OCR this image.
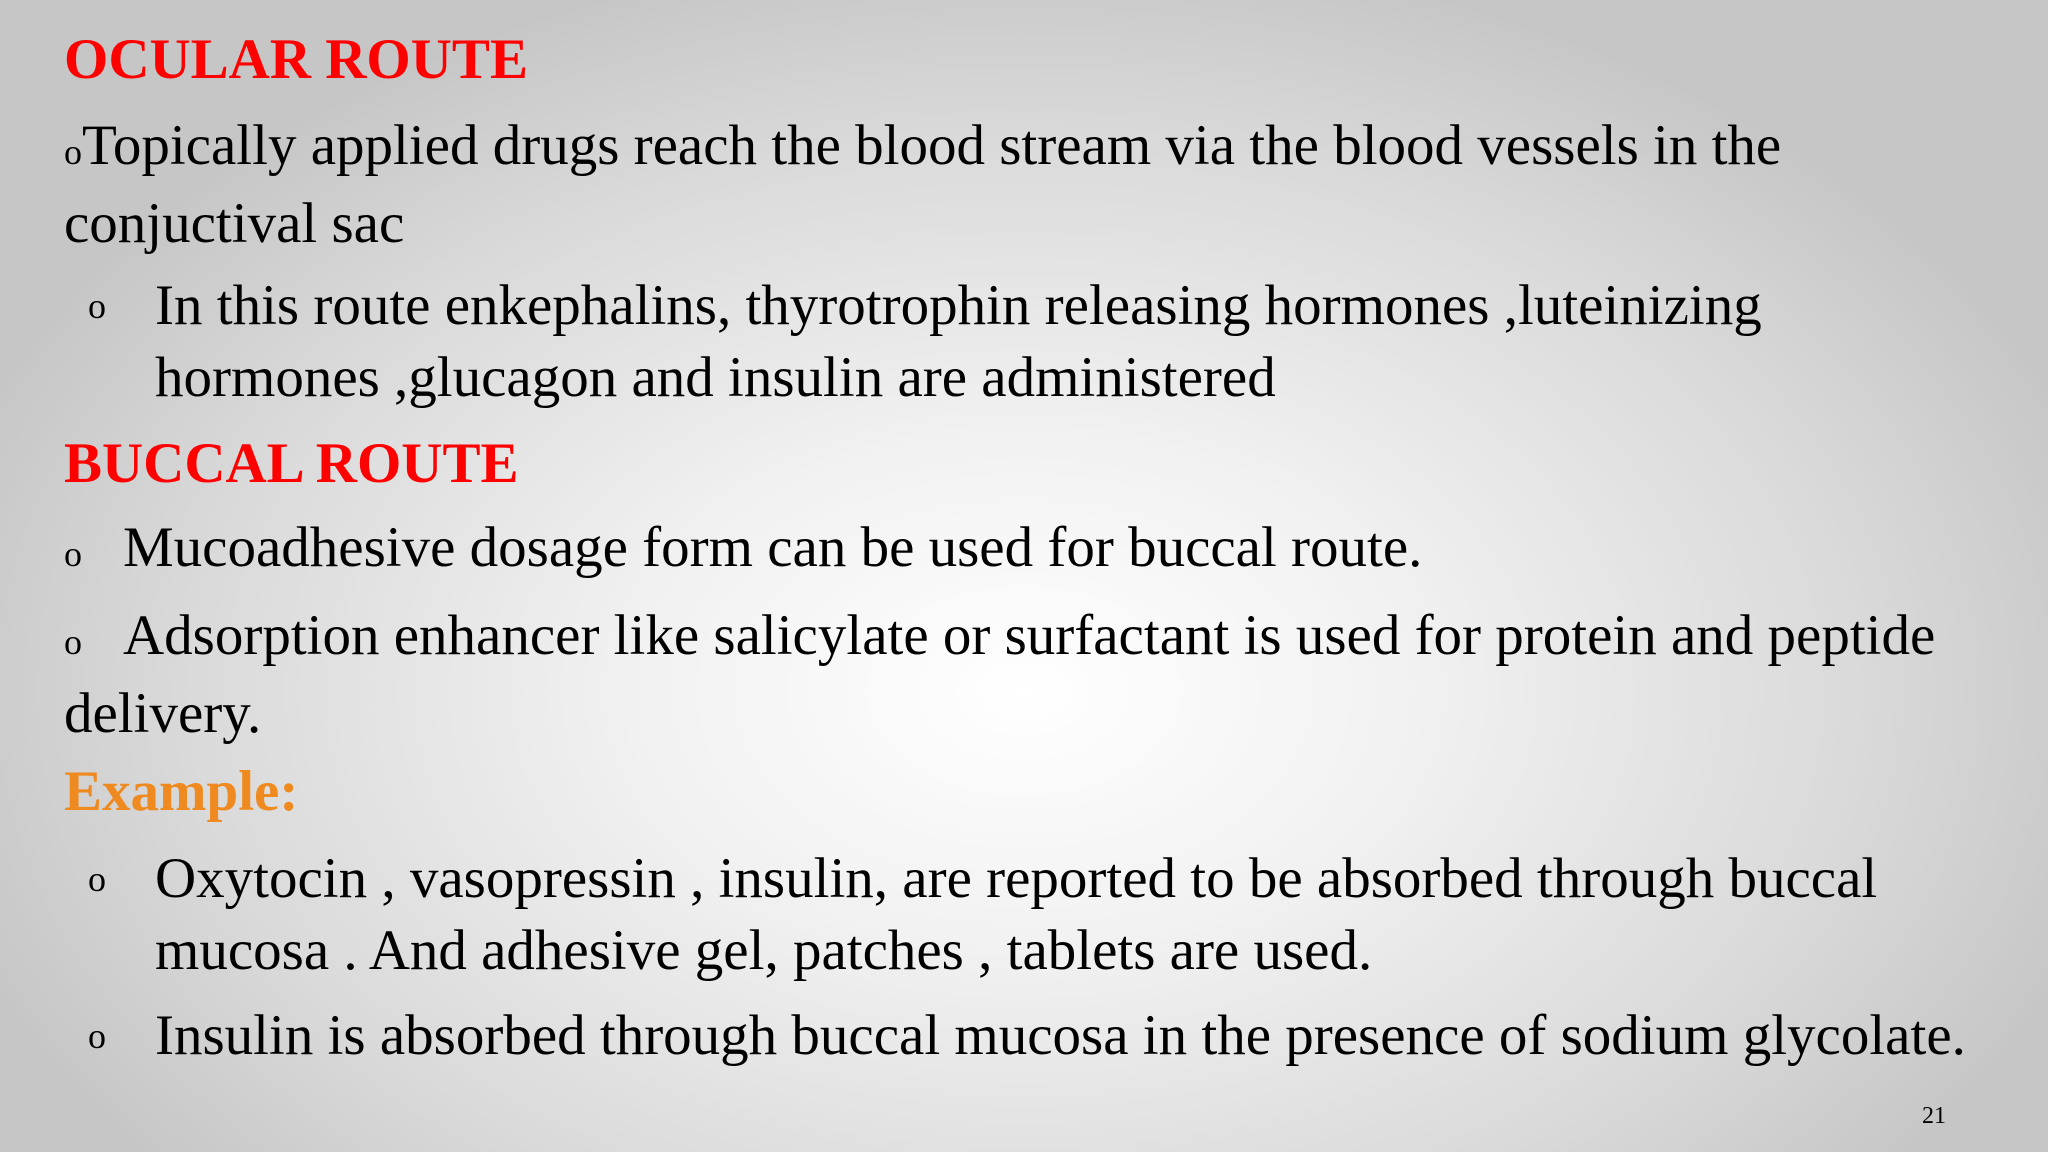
OCULAR ROUTE

oTopically applied drugs reach the blood stream via the blood vessels in the conjuctival sac

o In this route enkephalins, thyrotrophin releasing hormones ,luteinizing hormones ,glucagon and insulin are administered

BUCCAL ROUTE

o Mucoadhesive dosage form can be used for buccal route.

o Adsorption enhancer like salicylate or surfactant is used for protein and peptide delivery.

Example:
o Oxytocin , vasopressin , insulin, are reported to be absorbed through buccal mucosa . And adhesive gel, patches , tablets are used.

o Insulin is absorbed through buccal mucosa in the presence of sodium glycolate.

21
